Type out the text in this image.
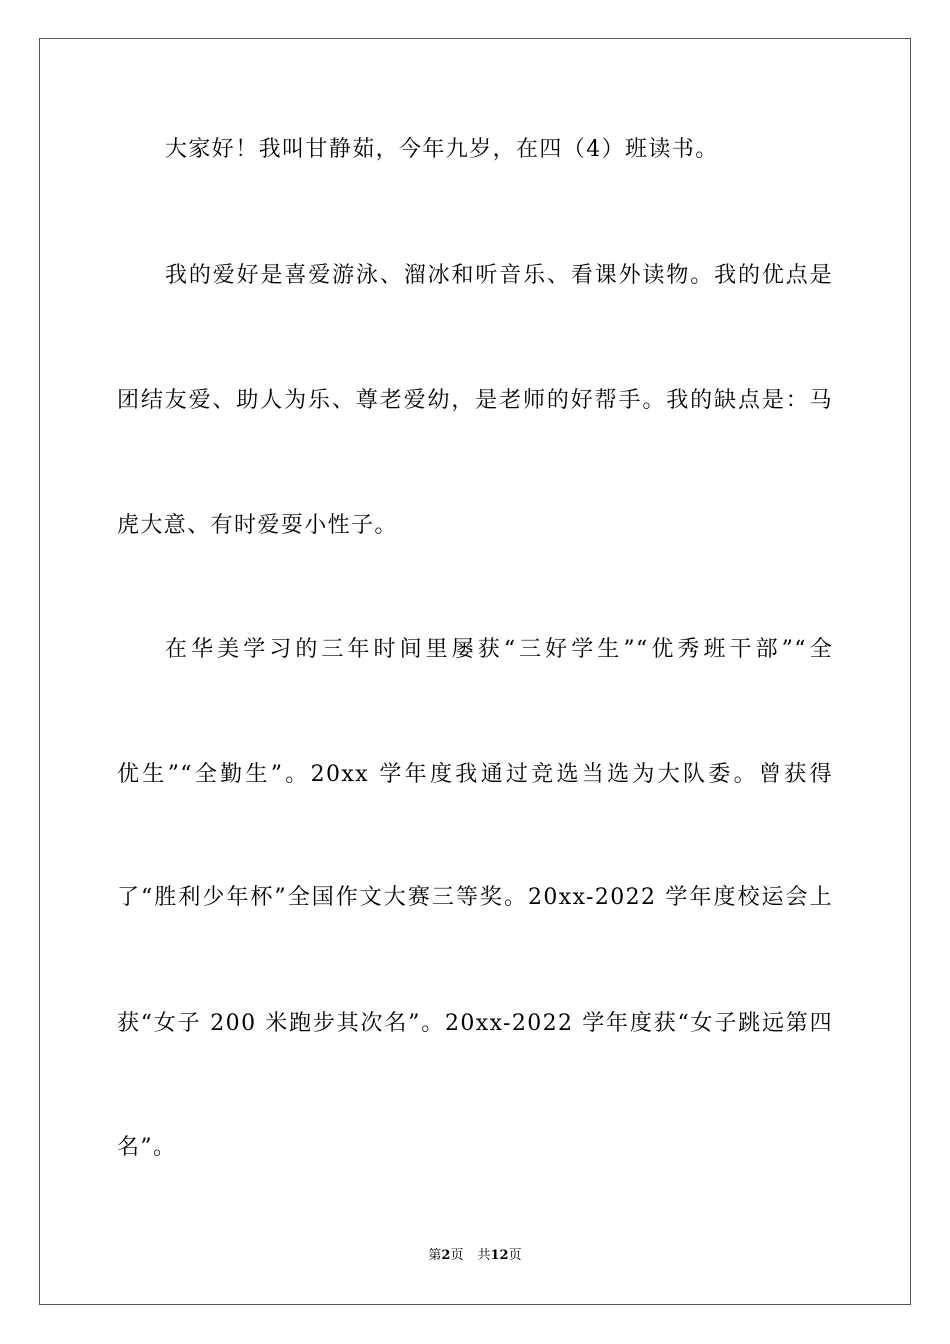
大家好！我叫甘静茹，今年九岁，在四（4）班读书。
我的爱好是喜爱游泳、溜冰和听音乐、看课外读物。我的优点是
团结友爱、助人为乐、尊老爱幼，是老师的好帮手。我的缺点是：马
虎大意、有时爱耍小性子。
在华美学习的三年时间里屡获“三好学生”“优秀班干部”“全
优生”“全勤生”。20xx 学年度我通过竞选当选为大队委。曾获得
了“胜利少年杯”全国作文大赛三等奖。20xx-2022 学年度校运会上
获“女子 200 米跑步其次名”。20xx-2022 学年度获“女子跳远第四
名”。
第2页 共12页
